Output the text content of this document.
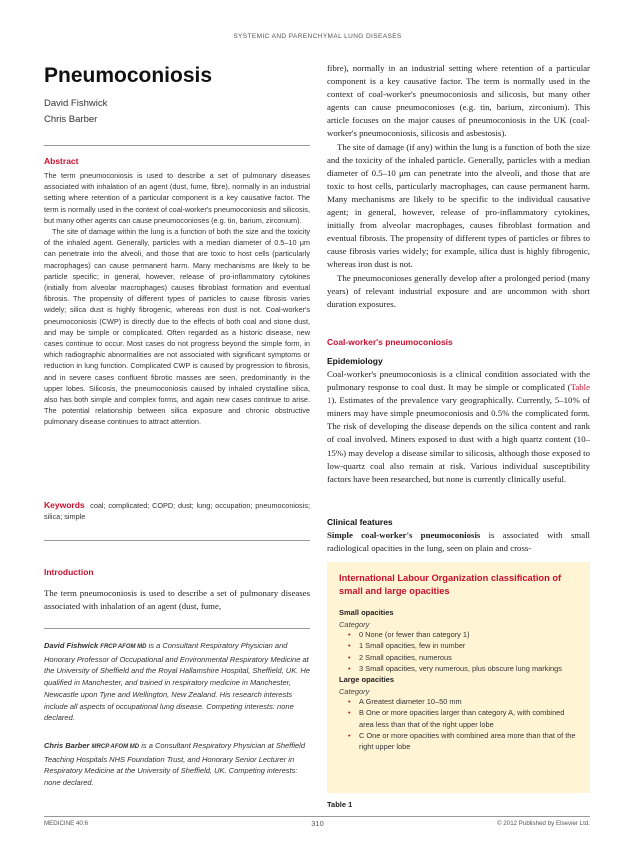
SYSTEMIC AND PARENCHYMAL LUNG DISEASES
Pneumoconiosis
David Fishwick
Chris Barber
Abstract

The term pneumoconiosis is used to describe a set of pulmonary diseases associated with inhalation of an agent (dust, fume, fibre), normally in an industrial setting where retention of a particular component is a key causative factor. The term is normally used in the context of coal-worker's pneumoconiosis and silicosis, but many other agents can cause pneumoconioses (e.g. tin, barium, zirconium).

The site of damage within the lung is a function of both the size and the toxicity of the inhaled agent. Generally, particles with a median diameter of 0.5–10 μm can penetrate into the alveoli, and those that are toxic to host cells (particularly macrophages) can cause permanent harm. Many mechanisms are likely to be particle specific; in general, however, release of pro-inflammatory cytokines (initially from alveolar macrophages) causes fibroblast formation and eventual fibrosis. The propensity of different types of particles to cause fibrosis varies widely; silica dust is highly fibrogenic, whereas iron dust is not. Coal-worker's pneumoconiosis (CWP) is directly due to the effects of both coal and stone dust, and may be simple or complicated. Often regarded as a historic disease, new cases continue to occur. Most cases do not progress beyond the simple form, in which radiographic abnormalities are not associated with significant symptoms or reduction in lung function. Complicated CWP is caused by progression to fibrosis, and in severe cases confluent fibrotic masses are seen, predominantly in the upper lobes. Silicosis, the pneumoconiosis caused by inhaled crystalline silica, also has both simple and complex forms, and again new cases continue to arise. The potential relationship between silica exposure and chronic obstructive pulmonary disease continues to attract attention.

Keywords coal; complicated; COPD; dust; lung; occupation; pneumoconiosis; silica; simple
Introduction
The term pneumoconiosis is used to describe a set of pulmonary diseases associated with inhalation of an agent (dust, fume,
David Fishwick FRCP AFOM MD is a Consultant Respiratory Physician and Honorary Professor of Occupational and Environmental Respiratory Medicine at the University of Sheffield and the Royal Hallamshire Hospital, Sheffield, UK. He qualified in Manchester, and trained in respiratory medicine in Manchester, Newcastle upon Tyne and Wellington, New Zealand. His research interests include all aspects of occupational lung disease. Competing interests: none declared.
Chris Barber MRCP AFOM MD is a Consultant Respiratory Physician at Sheffield Teaching Hospitals NHS Foundation Trust, and Honorary Senior Lecturer in Respiratory Medicine at the University of Sheffield, UK. Competing interests: none declared.

fibre), normally in an industrial setting where retention of a particular component is a key causative factor. The term is normally used in the context of coal-worker's pneumoconiosis and silicosis, but many other agents can cause pneumoconioses (e.g. tin, barium, zirconium). This article focuses on the major causes of pneumoconiosis in the UK (coal-worker's pneumoconiosis, silicosis and asbestosis).

The site of damage (if any) within the lung is a function of both the size and the toxicity of the inhaled particle. Generally, particles with a median diameter of 0.5–10 μm can penetrate into the alveoli, and those that are toxic to host cells, particularly macrophages, can cause permanent harm. Many mechanisms are likely to be specific to the individual causative agent; in general, however, release of pro-inflammatory cytokines, initially from alveolar macrophages, causes fibroblast formation and eventual fibrosis. The propensity of different types of particles or fibres to cause fibrosis varies widely; for example, silica dust is highly fibrogenic, whereas iron dust is not.

The pneumoconioses generally develop after a prolonged period (many years) of relevant industrial exposure and are uncommon with short duration exposures.

Coal-worker's pneumoconiosis
Epidemiology
Coal-worker's pneumoconiosis is a clinical condition associated with the pulmonary response to coal dust. It may be simple or complicated (Table 1). Estimates of the prevalence vary geographically. Currently, 5–10% of miners may have simple pneumoconiosis and 0.5% the complicated form. The risk of developing the disease depends on the silica content and rank of coal involved. Miners exposed to dust with a high quartz content (10–15%) may develop a disease similar to silicosis, although those exposed to low-quartz coal also remain at risk. Various individual susceptibility factors have been researched, but none is currently clinically useful.
Clinical features
Simple coal-worker's pneumoconiosis is associated with small radiological opacities in the lung, seen on plain and cross-
International Labour Organization classification of small and large opacities
Small opacities
Category
• 0 None (or fewer than category 1)
• 1 Small opacities, few in number
• 2 Small opacities, numerous
• 3 Small opacities, very numerous, plus obscure lung markings
Large opacities
Category
• A Greatest diameter 10–50 mm
• B One or more opacities larger than category A, with combined area less than that of the right upper lobe
• C One or more opacities with combined area more than that of the right upper lobe
Table 1
MEDICINE 40:6	310	© 2012 Published by Elsevier Ltd.
